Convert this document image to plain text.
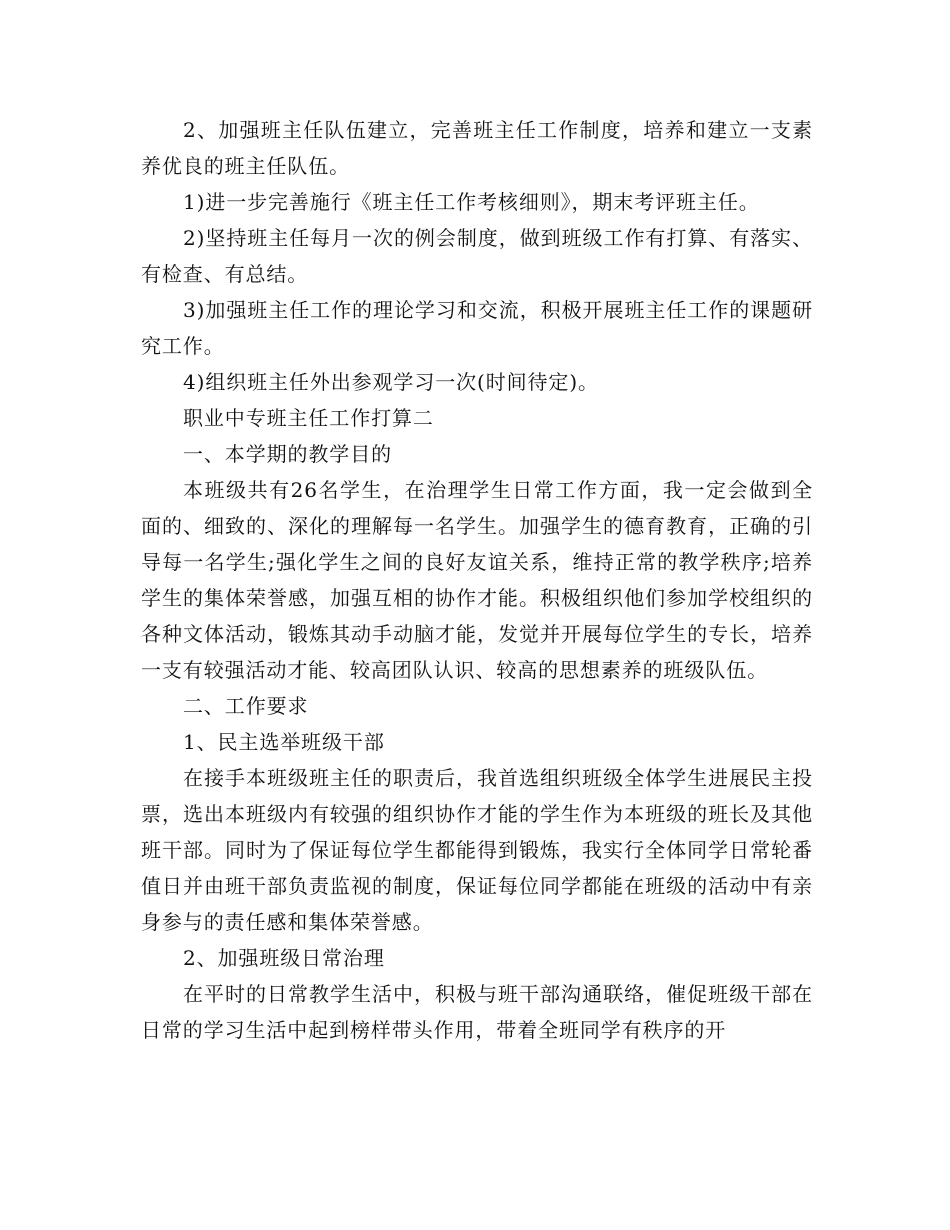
2、加强班主任队伍建立，完善班主任工作制度，培养和建立一支素养优良的班主任队伍。

1)进一步完善施行《班主任工作考核细则》，期末考评班主任。

2)坚持班主任每月一次的例会制度，做到班级工作有打算、有落实、有检查、有总结。

3)加强班主任工作的理论学习和交流，积极开展班主任工作的课题研究工作。

4)组织班主任外出参观学习一次(时间待定)。

职业中专班主任工作打算二

一、本学期的教学目的

本班级共有26名学生，在治理学生日常工作方面，我一定会做到全面的、细致的、深化的理解每一名学生。加强学生的德育教育，正确的引导每一名学生;强化学生之间的良好友谊关系，维持正常的教学秩序;培养学生的集体荣誉感，加强互相的协作才能。积极组织他们参加学校组织的各种文体活动，锻炼其动手动脑才能，发觉并开展每位学生的专长，培养一支有较强活动才能、较高团队认识、较高的思想素养的班级队伍。

二、工作要求

1、民主选举班级干部

在接手本班级班主任的职责后，我首选组织班级全体学生进展民主投票，选出本班级内有较强的组织协作才能的学生作为本班级的班长及其他班干部。同时为了保证每位学生都能得到锻炼，我实行全体同学日常轮番值日并由班干部负责监视的制度，保证每位同学都能在班级的活动中有亲身参与的责任感和集体荣誉感。

2、加强班级日常治理

在平时的日常教学生活中，积极与班干部沟通联络，催促班级干部在日常的学习生活中起到榜样带头作用，带着全班同学有秩序的开
